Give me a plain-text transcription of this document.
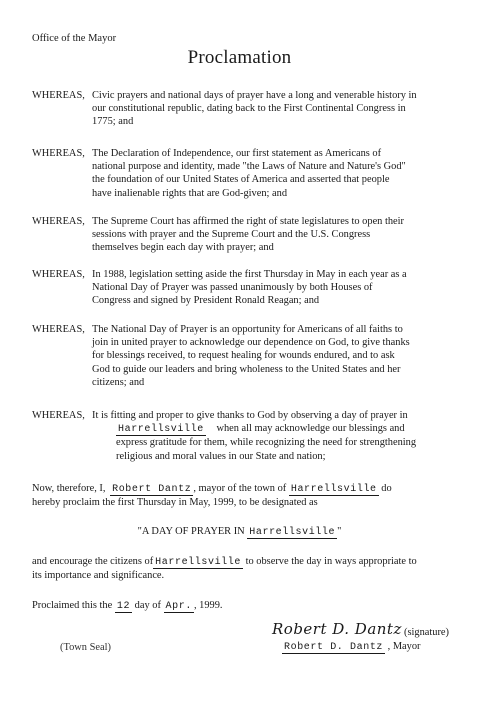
Office of the Mayor
Proclamation
WHEREAS, Civic prayers and national days of prayer have a long and venerable history in
our constitutional republic, dating back to the First Continental Congress in
1775; and
WHEREAS, The Declaration of Independence, our first statement as Americans of
national purpose and identity, made "the Laws of Nature and Nature's God"
the foundation of our United States of America and asserted that people
have inalienable rights that are God-given; and
WHEREAS, The Supreme Court has affirmed the right of state legislatures to open their
sessions with prayer and the Supreme Court and the U.S. Congress
themselves begin each day with prayer; and
WHEREAS, In 1988, legislation setting aside the first Thursday in May in each year as a
National Day of Prayer was passed unanimously by both Houses of
Congress and signed by President Ronald Reagan; and
WHEREAS, The National Day of Prayer is an opportunity for Americans of all faiths to
join in united prayer to acknowledge our dependence on God, to give thanks
for blessings received, to request healing for wounds endured, and to ask
God to guide our leaders and bring wholeness to the United States and her
citizens; and
WHEREAS, It is fitting and proper to give thanks to God by observing a day of prayer in
Harrellsville when all may acknowledge our blessings and
express gratitude for them, while recognizing the need for strengthening
religious and moral values in our State and nation;
Now, therefore, I, Robert Dantz , mayor of the town of Harrellsville do
hereby proclaim the first Thursday in May, 1999, to be designated as
"A DAY OF PRAYER IN Harrellsville "
and encourage the citizens of Harrellsville to observe the day in ways appropriate to
its importance and significance.
Proclaimed this the 12 day of Apr. , 1999.
(Town Seal)
Robert D. Dantz (signature)
Robert D. Dantz , Mayor
